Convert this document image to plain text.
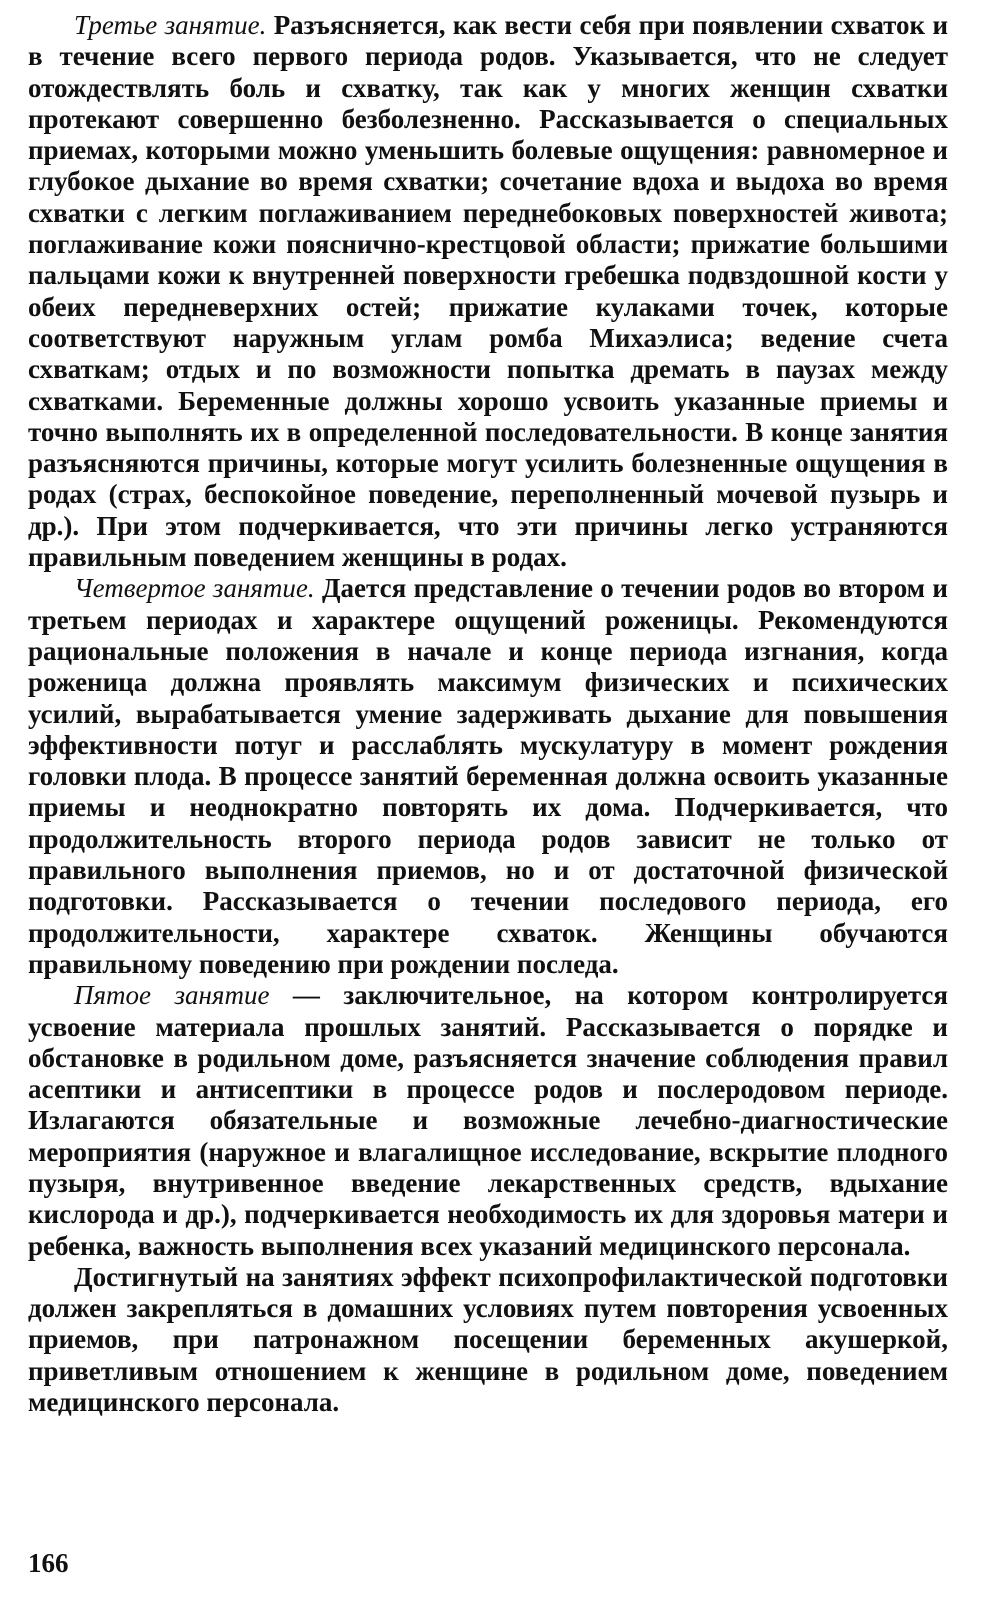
Третье занятие. Разъясняется, как вести себя при появлении схваток и в течение всего первого периода родов. Указывается, что не следует отождествлять боль и схватку, так как у многих женщин схватки протекают совершенно безболезненно. Рассказывается о специальных приемах, которыми можно уменьшить болевые ощущения: равномерное и глубокое дыхание во время схватки; сочетание вдоха и выдоха во время схватки с легким поглаживанием переднебоковых поверхностей живота; поглаживание кожи пояснично-крестцовой области; прижатие большими пальцами кожи к внутренней поверхности гребешка подвздошной кости у обеих передневерхних остей; прижатие кулаками точек, которые соответствуют наружным углам ромба Михаэлиса; ведение счета схваткам; отдых и по возможности попытка дремать в паузах между схватками. Беременные должны хорошо усвоить указанные приемы и точно выполнять их в определенной последовательности. В конце занятия разъясняются причины, которые могут усилить болезненные ощущения в родах (страх, беспокойное поведение, переполненный мочевой пузырь и др.). При этом подчеркивается, что эти причины легко устраняются правильным поведением женщины в родах.

Четвертое занятие. Дается представление о течении родов во втором и третьем периодах и характере ощущений роженицы. Рекомендуются рациональные положения в начале и конце периода изгнания, когда роженица должна проявлять максимум физических и психических усилий, вырабатывается умение задерживать дыхание для повышения эффективности потуг и расслаблять мускулатуру в момент рождения головки плода. В процессе занятий беременная должна освоить указанные приемы и неоднократно повторять их дома. Подчеркивается, что продолжительность второго периода родов зависит не только от правильного выполнения приемов, но и от достаточной физической подготовки. Рассказывается о течении последового периода, его продолжительности, характере схваток. Женщины обучаются правильному поведению при рождении последа.

Пятое занятие — заключительное, на котором контролируется усвоение материала прошлых занятий. Рассказывается о порядке и обстановке в родильном доме, разъясняется значение соблюдения правил асептики и антисептики в процессе родов и послеродовом периоде. Излагаются обязательные и возможные лечебно-диагностические мероприятия (наружное и влагалищное исследование, вскрытие плодного пузыря, внутривенное введение лекарственных средств, вдыхание кислорода и др.), подчеркивается необходимость их для здоровья матери и ребенка, важность выполнения всех указаний медицинского персонала.

Достигнутый на занятиях эффект психопрофилактической подготовки должен закрепляться в домашних условиях путем повторения усвоенных приемов, при патронажном посещении беременных акушеркой, приветливым отношением к женщине в родильном доме, поведением медицинского персонала.

166
